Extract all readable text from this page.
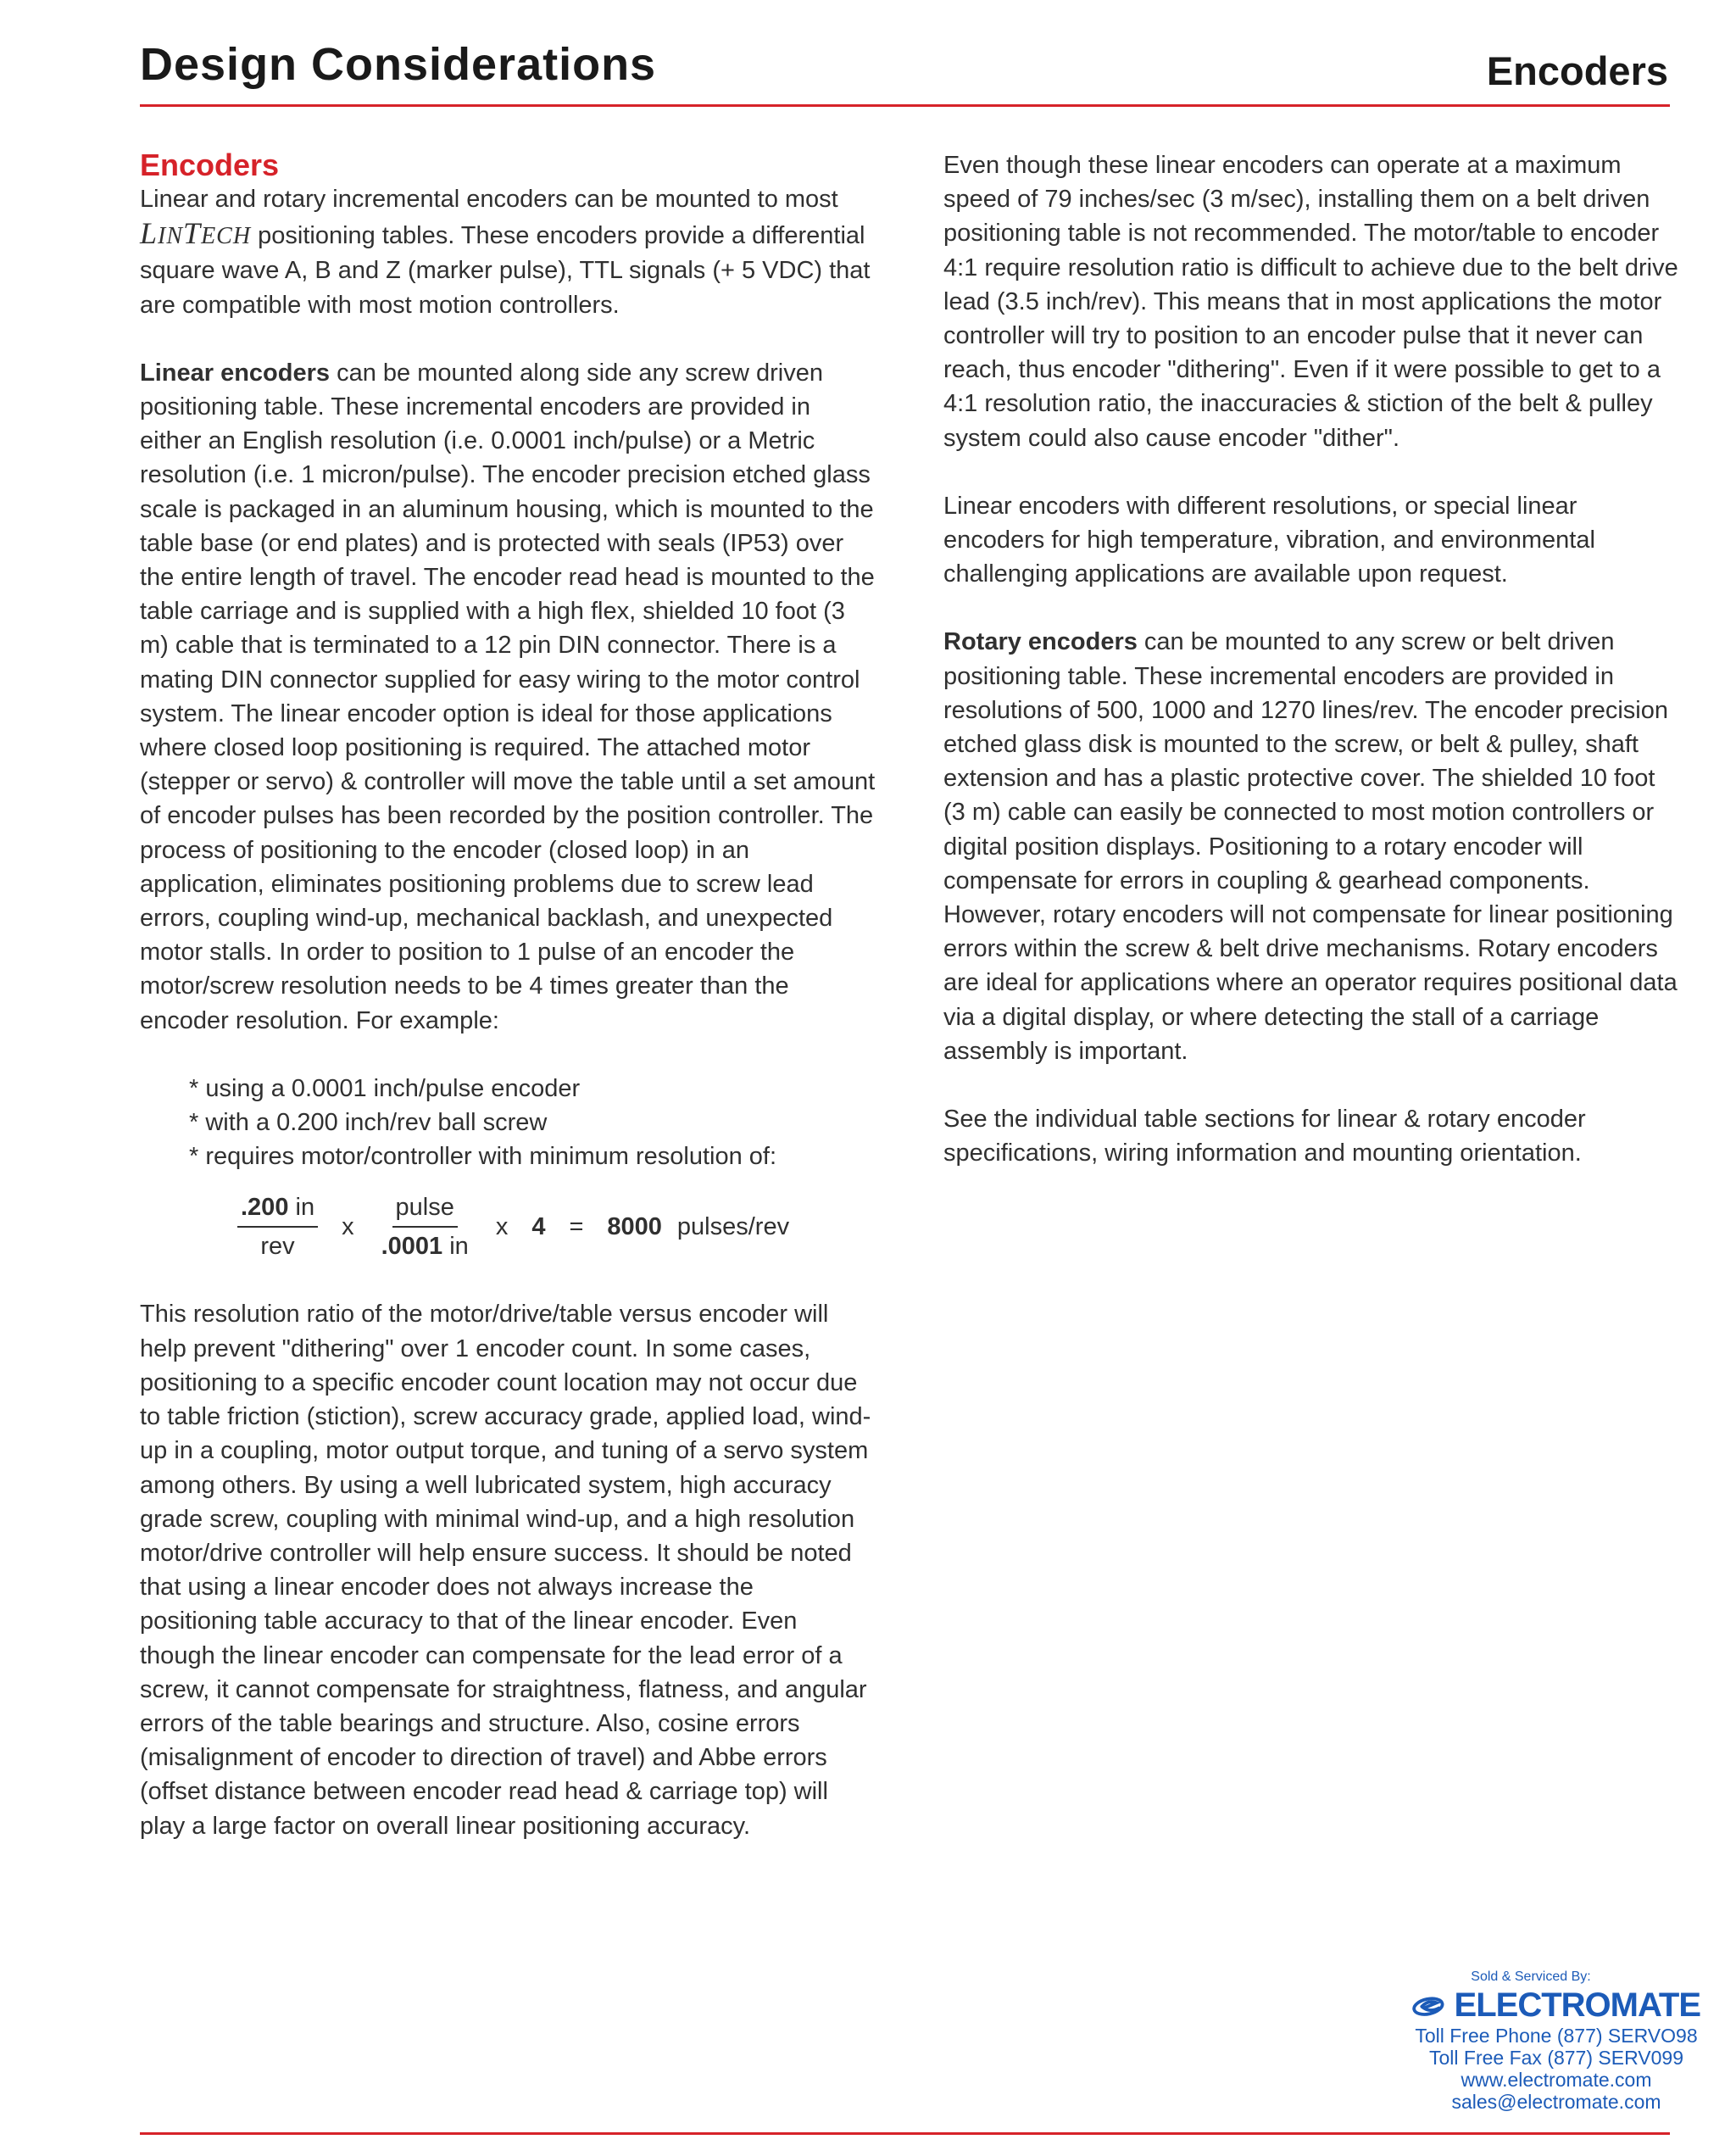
Design Considerations	Encoders
Encoders

Linear and rotary incremental encoders can be mounted to most LINTECH positioning tables. These encoders provide a differential square wave A, B and Z (marker pulse), TTL signals (+ 5 VDC) that are compatible with most motion controllers.

Linear encoders can be mounted along side any screw driven positioning table. These incremental encoders are provided in either an English resolution (i.e. 0.0001 inch/pulse) or a Metric resolution (i.e. 1 micron/pulse). The encoder precision etched glass scale is packaged in an aluminum housing, which is mounted to the table base (or end plates) and is protected with seals (IP53) over the entire length of travel. The encoder read head is mounted to the table carriage and is supplied with a high flex, shielded 10 foot (3 m) cable that is terminated to a 12 pin DIN connector. There is a mating DIN connector supplied for easy wiring to the motor control system. The linear encoder option is ideal for those applications where closed loop positioning is required. The attached motor (stepper or servo) & controller will move the table until a set amount of encoder pulses has been recorded by the position controller. The process of positioning to the encoder (closed loop) in an application, eliminates positioning problems due to screw lead errors, coupling wind-up, mechanical backlash, and unexpected motor stalls. In order to position to 1 pulse of an encoder the motor/screw resolution needs to be 4 times greater than the encoder resolution. For example:

* using a 0.0001 inch/pulse encoder
* with a 0.200 inch/rev ball screw
* requires motor/controller with minimum resolution of:
$\frac{.200 in}{\text{rev}}$ x $\frac{\text{pulse}}{.0001 in}$ x 4 = 8000 pulses/rev

This resolution ratio of the motor/drive/table versus encoder will help prevent "dithering" over 1 encoder count. In some cases, positioning to a specific encoder count location may not occur due to table friction (stiction), screw accuracy grade, applied load, wind-up in a coupling, motor output torque, and tuning of a servo system among others. By using a well lubricated system, high accuracy grade screw, coupling with minimal wind-up, and a high resolution motor/drive controller will help ensure success. It should be noted that using a linear encoder does not always increase the positioning table accuracy to that of the linear encoder. Even though the linear encoder can compensate for the lead error of a screw, it cannot compensate for straightness, flatness, and angular errors of the table bearings and structure. Also, cosine errors (misalignment of encoder to direction of travel) and Abbe errors (offset distance between encoder read head & carriage top) will play a large factor on overall linear positioning accuracy.

Even though these linear encoders can operate at a maximum speed of 79 inches/sec (3 m/sec), installing them on a belt driven positioning table is not recommended. The motor/table to encoder 4:1 require resolution ratio is difficult to achieve due to the belt drive lead (3.5 inch/rev). This means that in most applications the motor controller will try to position to an encoder pulse that it never can reach, thus encoder "dithering". Even if it were possible to get to a 4:1 resolution ratio, the inaccuracies & stiction of the belt & pulley system could also cause encoder "dither".

Linear encoders with different resolutions, or special linear encoders for high temperature, vibration, and environmental challenging applications are available upon request.

Rotary encoders can be mounted to any screw or belt driven positioning table. These incremental encoders are provided in resolutions of 500, 1000 and 1270 lines/rev. The encoder precision etched glass disk is mounted to the screw, or belt & pulley, shaft extension and has a plastic protective cover. The shielded 10 foot (3 m) cable can easily be connected to most motion controllers or digital position displays. Positioning to a rotary encoder will compensate for errors in coupling & gearhead components. However, rotary encoders will not compensate for linear positioning errors within the screw & belt drive mechanisms. Rotary encoders are ideal for applications where an operator requires positional data via a digital display, or where detecting the stall of a carriage assembly is important.

See the individual table sections for linear & rotary encoder specifications, wiring information and mounting orientation.

Sold & Serviced By:
ELECTROMATE
Toll Free Phone (877) SERVO98
Toll Free Fax (877) SERV099
www.electromate.com
sales@electromate.com
